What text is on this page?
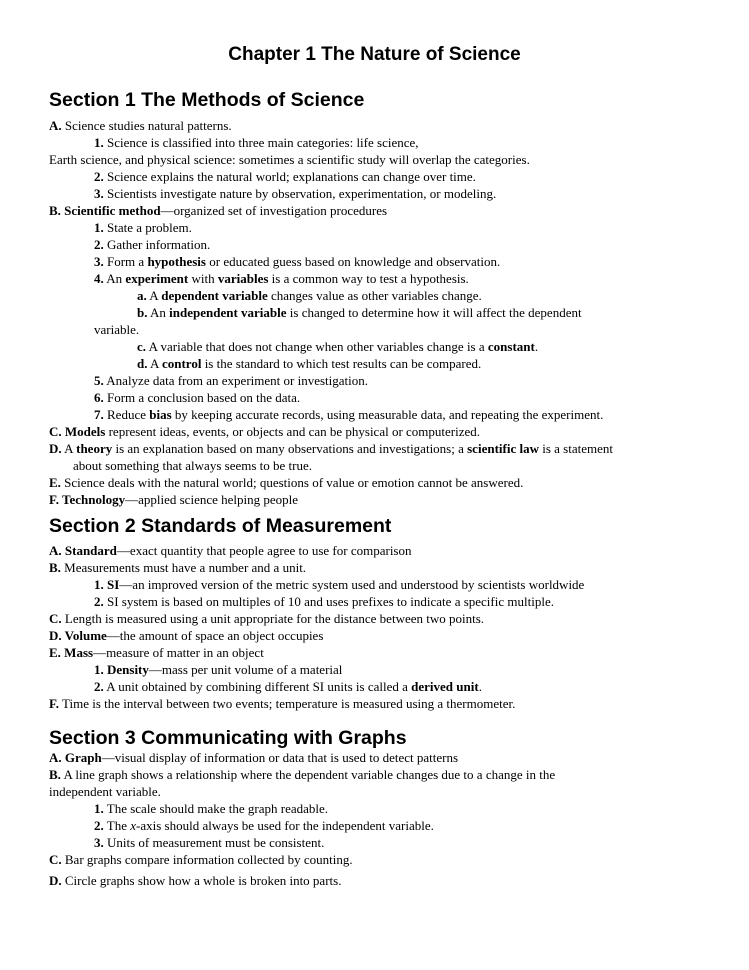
Chapter 1 The Nature of Science
Section 1 The Methods of Science
A. Science studies natural patterns.
1. Science is classified into three main categories: life science,
Earth science, and physical science: sometimes a scientific study will overlap the categories.
2. Science explains the natural world; explanations can change over time.
3. Scientists investigate nature by observation, experimentation, or modeling.
B. Scientific method—organized set of investigation procedures
1. State a problem.
2. Gather information.
3. Form a hypothesis or educated guess based on knowledge and observation.
4. An experiment with variables is a common way to test a hypothesis.
a. A dependent variable changes value as other variables change.
b. An independent variable is changed to determine how it will affect the dependent
variable.
c. A variable that does not change when other variables change is a constant.
d. A control is the standard to which test results can be compared.
5. Analyze data from an experiment or investigation.
6. Form a conclusion based on the data.
7. Reduce bias by keeping accurate records, using measurable data, and repeating the experiment.
C. Models represent ideas, events, or objects and can be physical or computerized.
D. A theory is an explanation based on many observations and investigations; a scientific law is a statement
about something that always seems to be true.
E. Science deals with the natural world; questions of value or emotion cannot be answered.
F. Technology—applied science helping people
Section 2 Standards of Measurement
A. Standard—exact quantity that people agree to use for comparison
B. Measurements must have a number and a unit.
1. SI—an improved version of the metric system used and understood by scientists worldwide
2. SI system is based on multiples of 10 and uses prefixes to indicate a specific multiple.
C. Length is measured using a unit appropriate for the distance between two points.
D. Volume—the amount of space an object occupies
E. Mass—measure of matter in an object
1. Density—mass per unit volume of a material
2. A unit obtained by combining different SI units is called a derived unit.
F. Time is the interval between two events; temperature is measured using a thermometer.
Section 3 Communicating with Graphs
A. Graph—visual display of information or data that is used to detect patterns
B. A line graph shows a relationship where the dependent variable changes due to a change in the
independent variable.
1. The scale should make the graph readable.
2. The x-axis should always be used for the independent variable.
3. Units of measurement must be consistent.
C. Bar graphs compare information collected by counting.
D. Circle graphs show how a whole is broken into parts.
